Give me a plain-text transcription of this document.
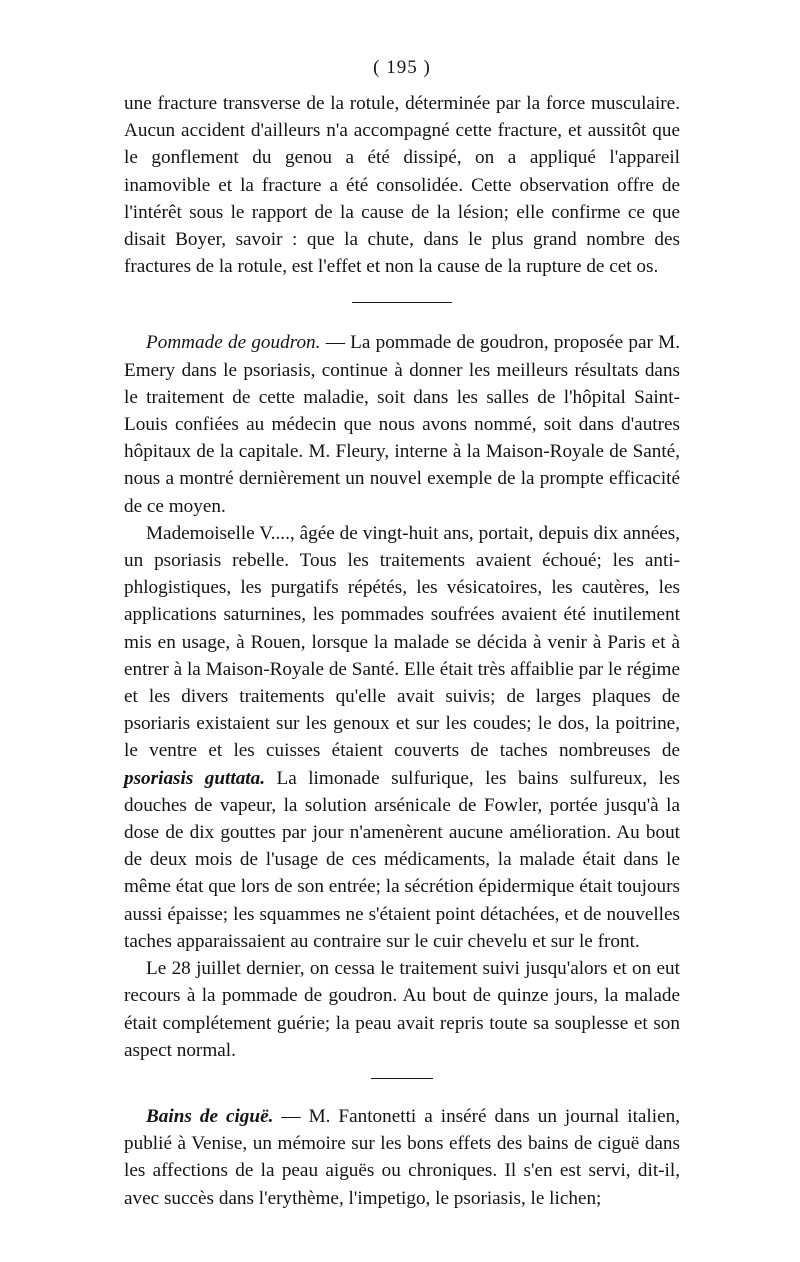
( 195 )

une fracture transverse de la rotule, déterminée par la force musculaire. Aucun accident d'ailleurs n'a accompagné cette fracture, et aussitôt que le gonflement du genou a été dissipé, on a appliqué l'appareil inamovible et la fracture a été consolidée. Cette observation offre de l'intérêt sous le rapport de la cause de la lésion; elle confirme ce que disait Boyer, savoir : que la chute, dans le plus grand nombre des fractures de la rotule, est l'effet et non la cause de la rupture de cet os.

Pommade de goudron. — La pommade de goudron, proposée par M. Emery dans le psoriasis, continue à donner les meilleurs résultats dans le traitement de cette maladie, soit dans les salles de l'hôpital Saint-Louis confiées au médecin que nous avons nommé, soit dans d'autres hôpitaux de la capitale. M. Fleury, interne à la Maison-Royale de Santé, nous a montré dernièrement un nouvel exemple de la prompte efficacité de ce moyen.

Mademoiselle V...., âgée de vingt-huit ans, portait, depuis dix années, un psoriasis rebelle. Tous les traitements avaient échoué; les anti-phlogistiques, les purgatifs répétés, les vésicatoires, les cautères, les applications saturnines, les pommades soufrées avaient été inutilement mis en usage, à Rouen, lorsque la malade se décida à venir à Paris et à entrer à la Maison-Royale de Santé. Elle était très affaiblie par le régime et les divers traitements qu'elle avait suivis; de larges plaques de psoriaris existaient sur les genoux et sur les coudes; le dos, la poitrine, le ventre et les cuisses étaient couverts de taches nombreuses de psoriasis guttata. La limonade sulfurique, les bains sulfureux, les douches de vapeur, la solution arsénicale de Fowler, portée jusqu'à la dose de dix gouttes par jour n'amenèrent aucune amélioration. Au bout de deux mois de l'usage de ces médicaments, la malade était dans le même état que lors de son entrée; la sécrétion épidermique était toujours aussi épaisse; les squammes ne s'étaient point détachées, et de nouvelles taches apparaissaient au contraire sur le cuir chevelu et sur le front.

Le 28 juillet dernier, on cessa le traitement suivi jusqu'alors et on eut recours à la pommade de goudron. Au bout de quinze jours, la malade était complétement guérie; la peau avait repris toute sa souplesse et son aspect normal.

Bains de ciguë. — M. Fantonetti a inséré dans un journal italien, publié à Venise, un mémoire sur les bons effets des bains de ciguë dans les affections de la peau aiguës ou chroniques. Il s'en est servi, dit-il, avec succès dans l'erythème, l'impetigo, le psoriasis, le lichen;
